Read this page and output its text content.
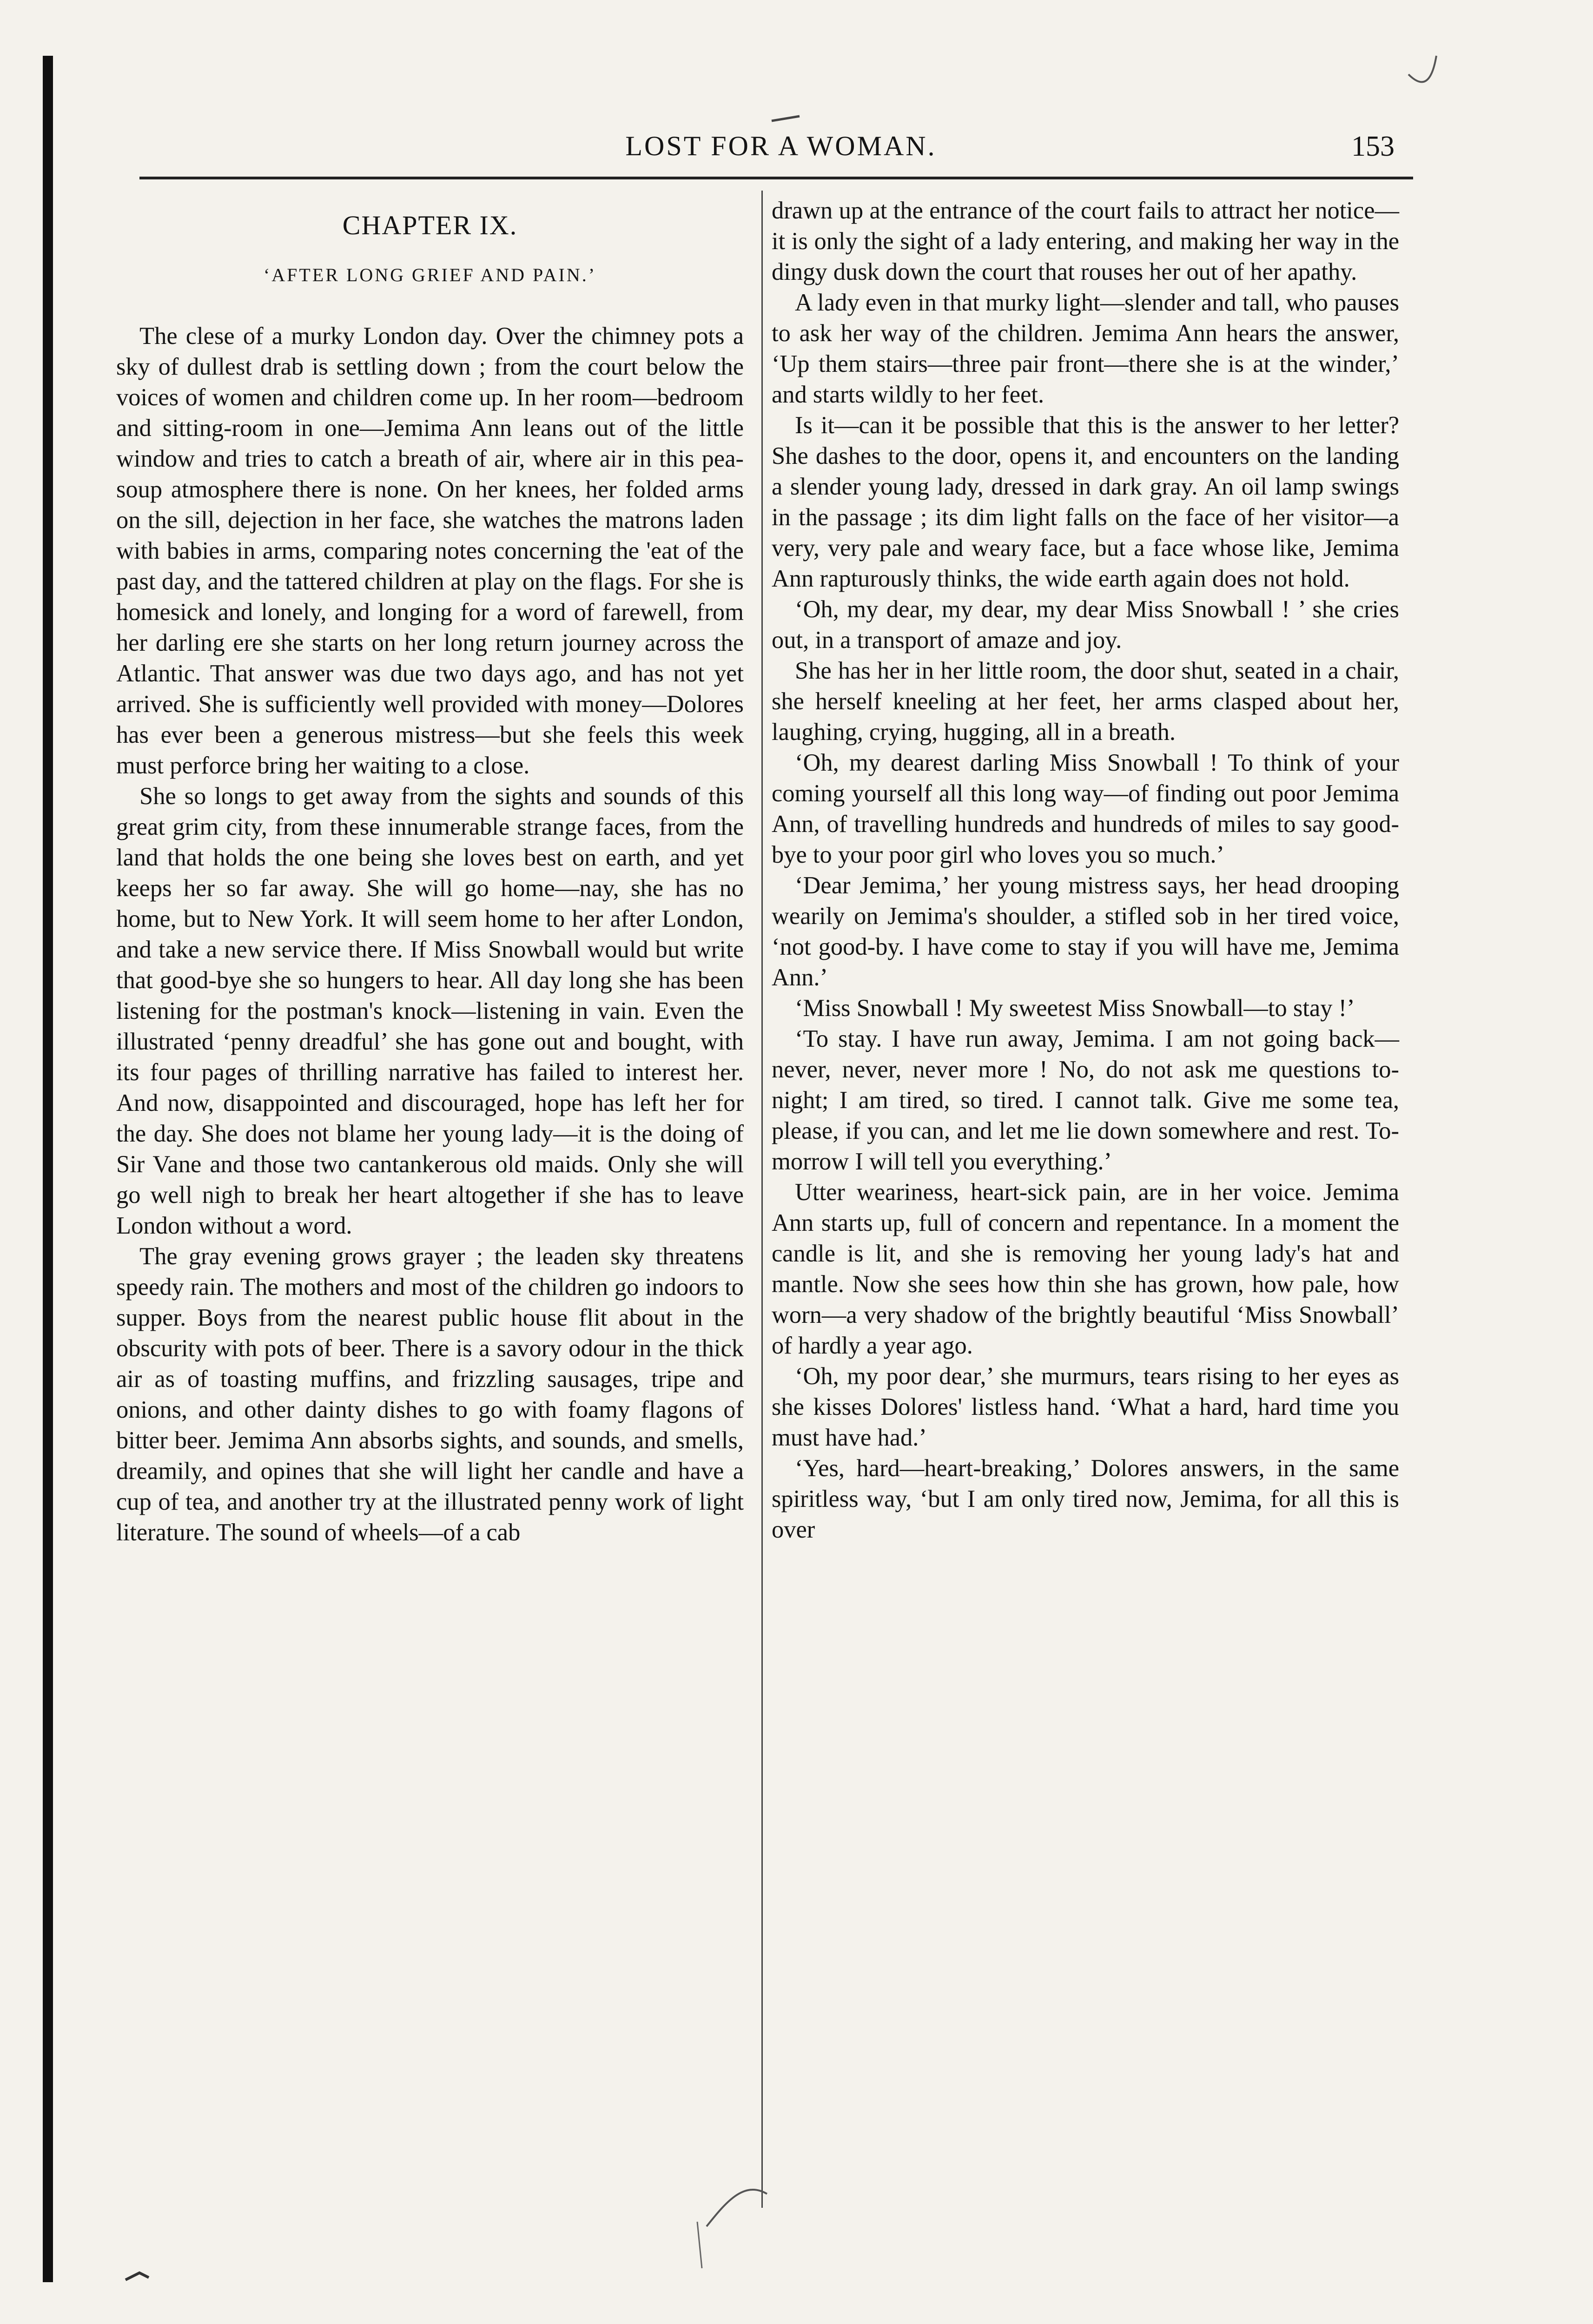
LOST FOR A WOMAN.	153
CHAPTER IX.
‘AFTER LONG GRIEF AND PAIN.’

The clese of a murky London day. Over the chimney pots a sky of dullest drab is settling down ; from the court below the voices of women and children come up. In her room—bedroom and sitting-room in one—Jemima Ann leans out of the little window and tries to catch a breath of air, where air in this pea-soup atmosphere there is none. On her knees, her folded arms on the sill, dejection in her face, she watches the matrons laden with babies in arms, comparing notes concerning the 'eat of the past day, and the tattered children at play on the flags. For she is homesick and lonely, and longing for a word of farewell, from her darling ere she starts on her long return journey across the Atlantic. That answer was due two days ago, and has not yet arrived. She is sufficiently well provided with money—Dolores has ever been a generous mistress—but she feels this week must perforce bring her waiting to a close.

She so longs to get away from the sights and sounds of this great grim city, from these innumerable strange faces, from the land that holds the one being she loves best on earth, and yet keeps her so far away. She will go home—nay, she has no home, but to New York. It will seem home to her after London, and take a new service there. If Miss Snowball would but write that good-bye she so hungers to hear. All day long she has been listening for the postman's knock—listening in vain. Even the illustrated ‘penny dreadful’ she has gone out and bought, with its four pages of thrilling narrative has failed to interest her. And now, disappointed and discouraged, hope has left her for the day. She does not blame her young lady—it is the doing of Sir Vane and those two cantankerous old maids. Only she will go well nigh to break her heart altogether if she has to leave London without a word.

The gray evening grows grayer ; the leaden sky threatens speedy rain. The mothers and most of the children go indoors to supper. Boys from the nearest public house flit about in the obscurity with pots of beer. There is a savory odour in the thick air as of toasting muffins, and frizzling sausages, tripe and onions, and other dainty dishes to go with foamy flagons of bitter beer. Jemima Ann absorbs sights, and sounds, and smells, dreamily, and opines that she will light her candle and have a cup of tea, and another try at the illustrated penny work of light literature. The sound of wheels—of a cab

drawn up at the entrance of the court fails to attract her notice—it is only the sight of a lady entering, and making her way in the dingy dusk down the court that rouses her out of her apathy.

A lady even in that murky light—slender and tall, who pauses to ask her way of the children. Jemima Ann hears the answer, ‘Up them stairs—three pair front—there she is at the winder,’ and starts wildly to her feet.

Is it—can it be possible that this is the answer to her letter? She dashes to the door, opens it, and encounters on the landing a slender young lady, dressed in dark gray. An oil lamp swings in the passage ; its dim light falls on the face of her visitor—a very, very pale and weary face, but a face whose like, Jemima Ann rapturously thinks, the wide earth again does not hold.

‘Oh, my dear, my dear, my dear Miss Snowball ! ’ she cries out, in a transport of amaze and joy.

She has her in her little room, the door shut, seated in a chair, she herself kneeling at her feet, her arms clasped about her, laughing, crying, hugging, all in a breath.

‘Oh, my dearest darling Miss Snowball ! To think of your coming yourself all this long way—of finding out poor Jemima Ann, of travelling hundreds and hundreds of miles to say good-bye to your poor girl who loves you so much.’

‘Dear Jemima,’ her young mistress says, her head drooping wearily on Jemima's shoulder, a stifled sob in her tired voice, ‘not good-by. I have come to stay if you will have me, Jemima Ann.’

‘Miss Snowball ! My sweetest Miss Snowball—to stay !’

‘To stay. I have run away, Jemima. I am not going back—never, never, never more ! No, do not ask me questions to-night; I am tired, so tired. I cannot talk. Give me some tea, please, if you can, and let me lie down somewhere and rest. To-morrow I will tell you everything.’

Utter weariness, heart-sick pain, are in her voice. Jemima Ann starts up, full of concern and repentance. In a moment the candle is lit, and she is removing her young lady's hat and mantle. Now she sees how thin she has grown, how pale, how worn—a very shadow of the brightly beautiful ‘Miss Snowball’ of hardly a year ago.

‘Oh, my poor dear,’ she murmurs, tears rising to her eyes as she kisses Dolores' listless hand. ‘What a hard, hard time you must have had.’

‘Yes, hard—heart-breaking,’ Dolores answers, in the same spiritless way, ‘but I am only tired now, Jemima, for all this is over
